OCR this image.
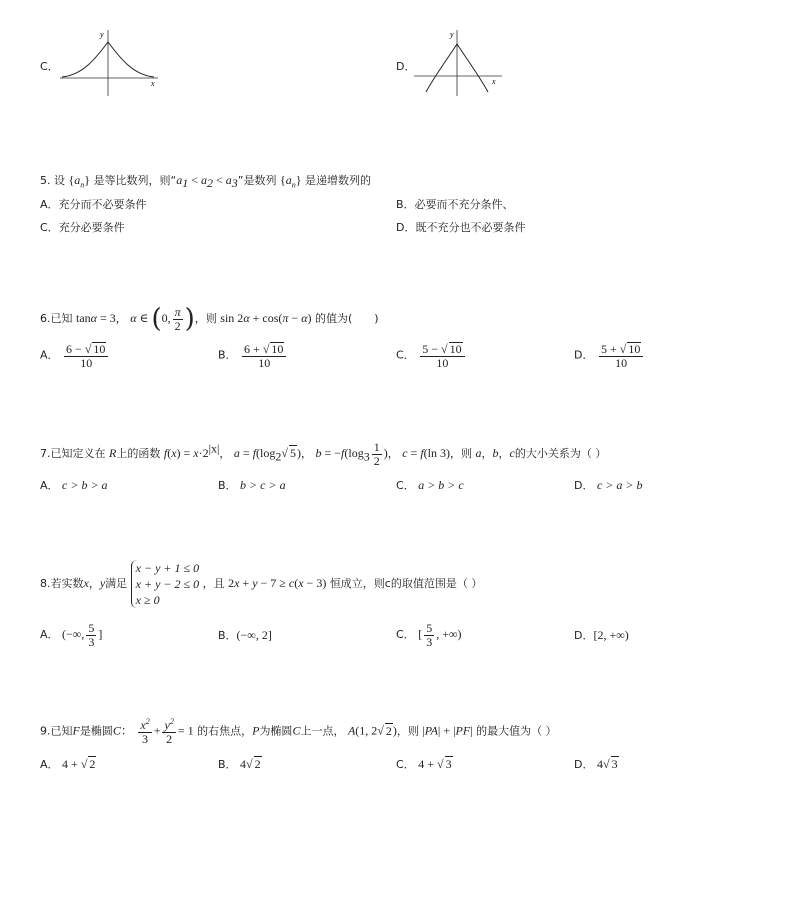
C．
x
y
D．
x
y
5. 设 $\{a_n\}$ 是等比数列，则“$a_1 < a_2 < a_3$”是数列 $\{a_n\}$ 是递增数列的
A．充分而不必要条件	B．必要而不充分条件、
C．充分必要条件	D．既不充分也不必要条件
6.已知 tanα = 3， α ∈ (0, $\frac{\pi}{2}$ )，则 sin 2α + cos(π − α) 的值为(　　)
A． $\frac{6 - √ 10}{10}$	B． $\frac{6 + √ 10}{10}$	C． $\frac{5 - √ 10}{10}$	D． $\frac{5 + √ 10}{10}$
7.已知定义在 R上的函数 $f(x) = x\cdot 2^{|x|}$， $a = f(\log_2√$ 5)， $b = -f(\log_3 \frac{1}{2}$ )， c = f(ln 3)，则 a，b，c的大小关系为（ ）
A． c > b > a	B． b > c > a	C． a > b > c	D． c > a > b
8.若实数x，y满足
x − y + 1 ≤ 0
x + y − 2 ≤ 0
x ≥ 0
，且 2x + y − 7 ≥ c(x − 3) 恒成立，则c的取值范围是（ ）
A． (−∞, $\frac{5}{3}$ ]	B．(−∞, 2]	C． [ $\frac{5}{3}$ , +∞)	D．[2, +∞)
9.已知F是椭圆C： $\frac{x^2}{3} + \frac{y^2}{2} = 1$ 的右焦点，P为椭圆C上一点， A(1, 2√ 2)，则 |PA| + |PF| 的最大值为（ ）
A． 4 + √ 2	B． 4√ 2	C． 4 + √ 3	D． 4√ 3
